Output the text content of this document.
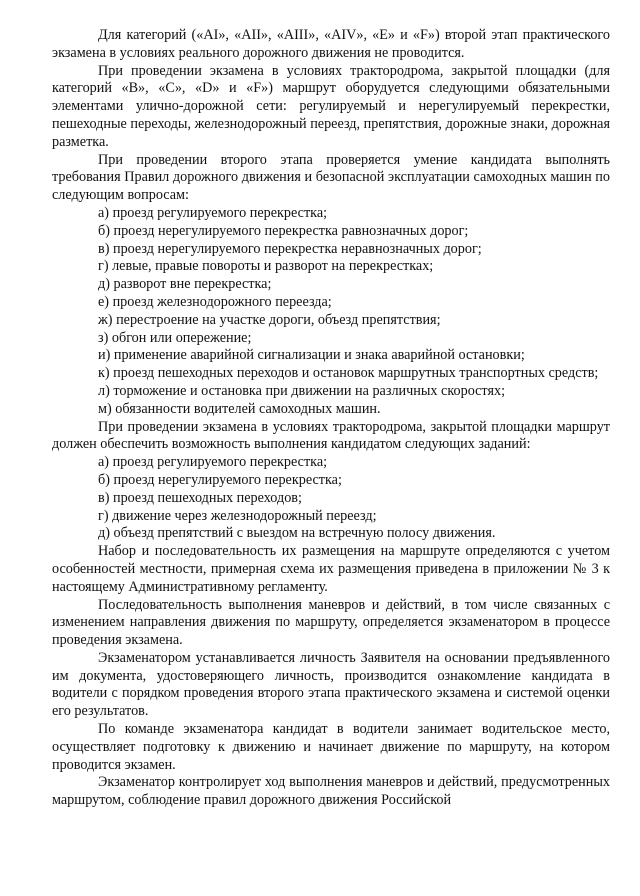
Для категорий («AI», «AII», «AIII», «AIV», «E» и «F») второй этап практического экзамена в условиях реального дорожного движения не проводится.

При проведении экзамена в условиях трактородрома, закрытой площадки (для категорий «B», «C», «D» и «F») маршрут оборудуется следующими обязательными элементами улично-дорожной сети: регулируемый и нерегулируемый перекрестки, пешеходные переходы, железнодорожный переезд, препятствия, дорожные знаки, дорожная разметка.

При проведении второго этапа проверяется умение кандидата выполнять требования Правил дорожного движения и безопасной эксплуатации самоходных машин по следующим вопросам:

а) проезд регулируемого перекрестка;

б) проезд нерегулируемого перекрестка равнозначных дорог;

в) проезд нерегулируемого перекрестка неравнозначных дорог;

г) левые, правые повороты и разворот на перекрестках;

д) разворот вне перекрестка;

е) проезд железнодорожного переезда;

ж) перестроение на участке дороги, объезд препятствия;

з) обгон или опережение;

и) применение аварийной сигнализации и знака аварийной остановки;

к) проезд пешеходных переходов и остановок маршрутных транспортных средств;

л) торможение и остановка при движении на различных скоростях;

м) обязанности водителей самоходных машин.

При проведении экзамена в условиях трактородрома, закрытой площадки маршрут должен обеспечить возможность выполнения кандидатом следующих заданий:

а) проезд регулируемого перекрестка;

б) проезд нерегулируемого перекрестка;

в) проезд пешеходных переходов;

г) движение через железнодорожный переезд;

д) объезд препятствий с выездом на встречную полосу движения.

Набор и последовательность их размещения на маршруте определяются с учетом особенностей местности, примерная схема их размещения приведена в приложении № 3 к настоящему Административному регламенту.

Последовательность выполнения маневров и действий, в том числе связанных с изменением направления движения по маршруту, определяется экзаменатором в процессе проведения экзамена.

Экзаменатором устанавливается личность Заявителя на основании предъявленного им документа, удостоверяющего личность, производится ознакомление кандидата в водители с порядком проведения второго этапа практического экзамена и системой оценки его результатов.

По команде экзаменатора кандидат в водители занимает водительское место, осуществляет подготовку к движению и начинает движение по маршруту, на котором проводится экзамен.

Экзаменатор контролирует ход выполнения маневров и действий, предусмотренных маршрутом, соблюдение правил дорожного движения Российской
